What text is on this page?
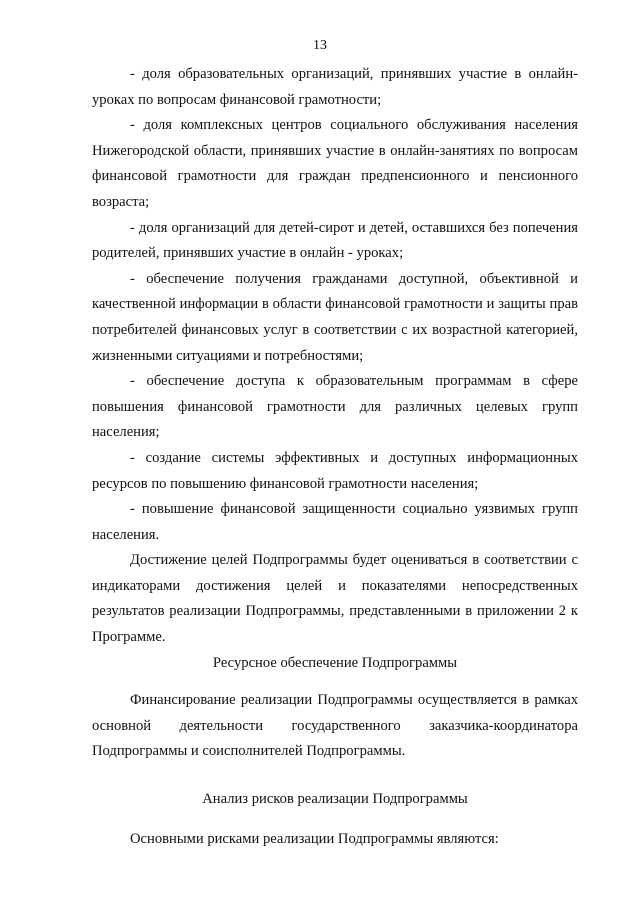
13

- доля образовательных организаций, принявших участие в онлайн-уроках по вопросам финансовой грамотности;

- доля комплексных центров социального обслуживания населения Нижегородской области, принявших участие в онлайн-занятиях по вопросам финансовой грамотности для граждан предпенсионного и пенсионного возраста;

- доля организаций для детей-сирот и детей, оставшихся без попечения родителей, принявших участие в онлайн - уроках;

- обеспечение получения гражданами доступной, объективной и качественной информации в области финансовой грамотности и защиты прав потребителей финансовых услуг в соответствии с их возрастной категорией, жизненными ситуациями и потребностями;

- обеспечение доступа к образовательным программам в сфере повышения финансовой грамотности для различных целевых групп населения;

- создание системы эффективных и доступных информационных ресурсов по повышению финансовой грамотности населения;

- повышение финансовой защищенности социально уязвимых групп населения.

Достижение целей Подпрограммы будет оцениваться в соответствии с индикаторами достижения целей и показателями непосредственных результатов реализации Подпрограммы, представленными в приложении 2 к Программе.

Ресурсное обеспечение Подпрограммы

Финансирование реализации Подпрограммы осуществляется в рамках основной деятельности государственного заказчика-координатора Подпрограммы и соисполнителей Подпрограммы.

Анализ рисков реализации Подпрограммы

Основными рисками реализации Подпрограммы являются:
